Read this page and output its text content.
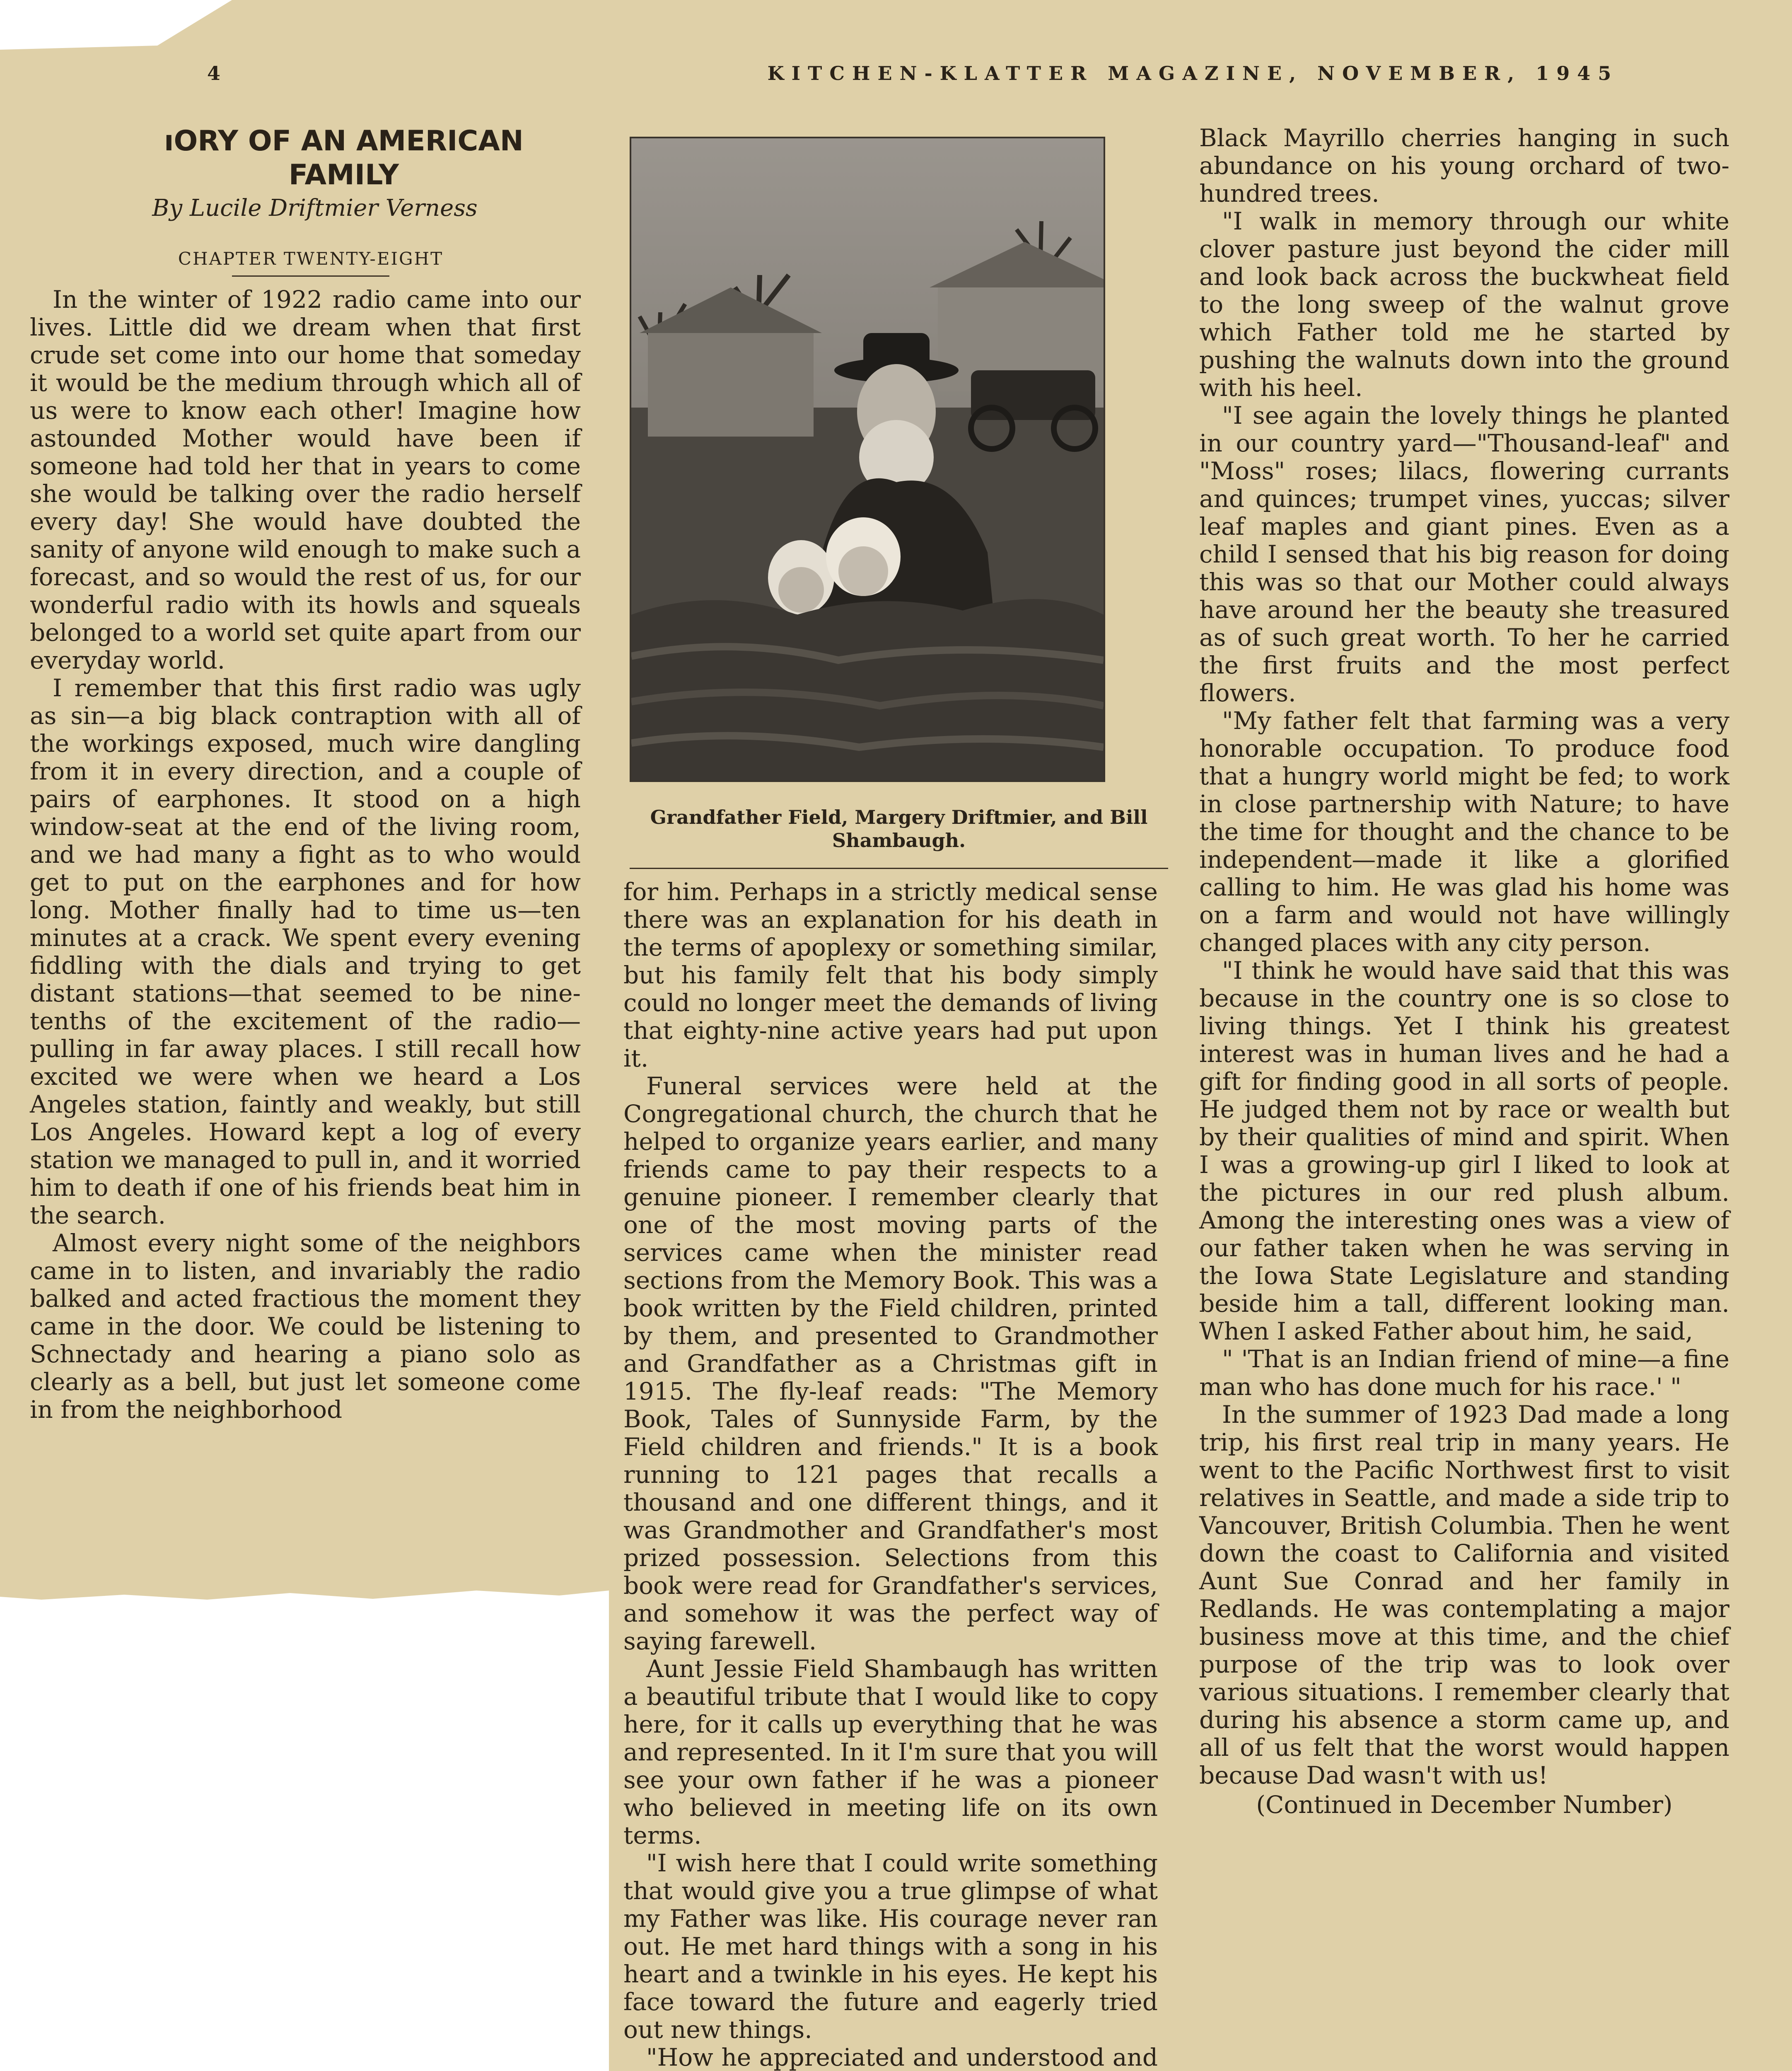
4	KITCHEN-KLATTER MAGAZINE, NOVEMBER, 1945
ıORY OF AN AMERICAN
FAMILY
By Lucile Driftmier Verness
CHAPTER TWENTY-EIGHT

In the winter of 1922 radio came into our lives. Little did we dream when that first crude set come into our home that someday it would be the medium through which all of us were to know each other! Imagine how astounded Mother would have been if someone had told her that in years to come she would be talking over the radio herself every day! She would have doubted the sanity of anyone wild enough to make such a forecast, and so would the rest of us, for our wonderful radio with its howls and squeals belonged to a world set quite apart from our everyday world.

I remember that this first radio was ugly as sin—a big black contraption with all of the workings exposed, much wire dangling from it in every direction, and a couple of pairs of earphones. It stood on a high window-seat at the end of the living room, and we had many a fight as to who would get to put on the earphones and for how long. Mother finally had to time us—ten minutes at a crack. We spent every evening fiddling with the dials and trying to get distant stations—that seemed to be nine-tenths of the excitement of the radio—pulling in far away places. I still recall how excited we were when we heard a Los Angeles station, faintly and weakly, but still Los Angeles. Howard kept a log of every station we managed to pull in, and it worried him to death if one of his friends beat him in the search.

Almost every night some of the neighbors came in to listen, and invariably the radio balked and acted fractious the moment they came in the door. We could be listening to Schnectady and hearing a piano solo as clearly as a bell, but just let someone come in from the neighborhood

Grandfather Field, Margery Driftmier, and Bill Shambaugh.

for him. Perhaps in a strictly medical sense there was an explanation for his death in the terms of apoplexy or something similar, but his family felt that his body simply could no longer meet the demands of living that eighty-nine active years had put upon it.

Funeral services were held at the Congregational church, the church that he helped to organize years earlier, and many friends came to pay their respects to a genuine pioneer. I remember clearly that one of the most moving parts of the services came when the minister read sections from the Memory Book. This was a book written by the Field children, printed by them, and presented to Grandmother and Grandfather as a Christmas gift in 1915. The fly-leaf reads: "The Memory Book, Tales of Sunnyside Farm, by the Field children and friends." It is a book running to 121 pages that recalls a thousand and one different things, and it was Grandmother and Grandfather's most prized possession. Selections from this book were read for Grandfather's services, and somehow it was the perfect way of saying farewell.

Aunt Jessie Field Shambaugh has written a beautiful tribute that I would like to copy here, for it calls up everything that he was and represented. In it I'm sure that you will see your own father if he was a pioneer who believed in meeting life on its own terms.

"I wish here that I could write something that would give you a true glimpse of what my Father was like. His courage never ran out. He met hard things with a song in his heart and a twinkle in his eyes. He kept his face toward the future and eagerly tried out new things.

"How he appreciated and understood and

Black Mayrillo cherries hanging in such abundance on his young orchard of two-hundred trees.

"I walk in memory through our white clover pasture just beyond the cider mill and look back across the buckwheat field to the long sweep of the walnut grove which Father told me he started by pushing the walnuts down into the ground with his heel.

"I see again the lovely things he planted in our country yard—"Thousand-leaf" and "Moss" roses; lilacs, flowering currants and quinces; trumpet vines, yuccas; silver leaf maples and giant pines. Even as a child I sensed that his big reason for doing this was so that our Mother could always have around her the beauty she treasured as of such great worth. To her he carried the first fruits and the most perfect flowers.

"My father felt that farming was a very honorable occupation. To produce food that a hungry world might be fed; to work in close partnership with Nature; to have the time for thought and the chance to be independent—made it like a glorified calling to him. He was glad his home was on a farm and would not have willingly changed places with any city person.

"I think he would have said that this was because in the country one is so close to living things. Yet I think his greatest interest was in human lives and he had a gift for finding good in all sorts of people. He judged them not by race or wealth but by their qualities of mind and spirit. When I was a growing-up girl I liked to look at the pictures in our red plush album. Among the interesting ones was a view of our father taken when he was serving in the Iowa State Legislature and standing beside him a tall, different looking man. When I asked Father about him, he said,

" 'That is an Indian friend of mine—a fine man who has done much for his race.' "

In the summer of 1923 Dad made a long trip, his first real trip in many years. He went to the Pacific Northwest first to visit relatives in Seattle, and made a side trip to Vancouver, British Columbia. Then he went down the coast to California and visited Aunt Sue Conrad and her family in Redlands. He was contemplating a major business move at this time, and the chief purpose of the trip was to look over various situations. I remember clearly that during his absence a storm came up, and all of us felt that the worst would happen because Dad wasn't with us!

(Continued in December Number)
